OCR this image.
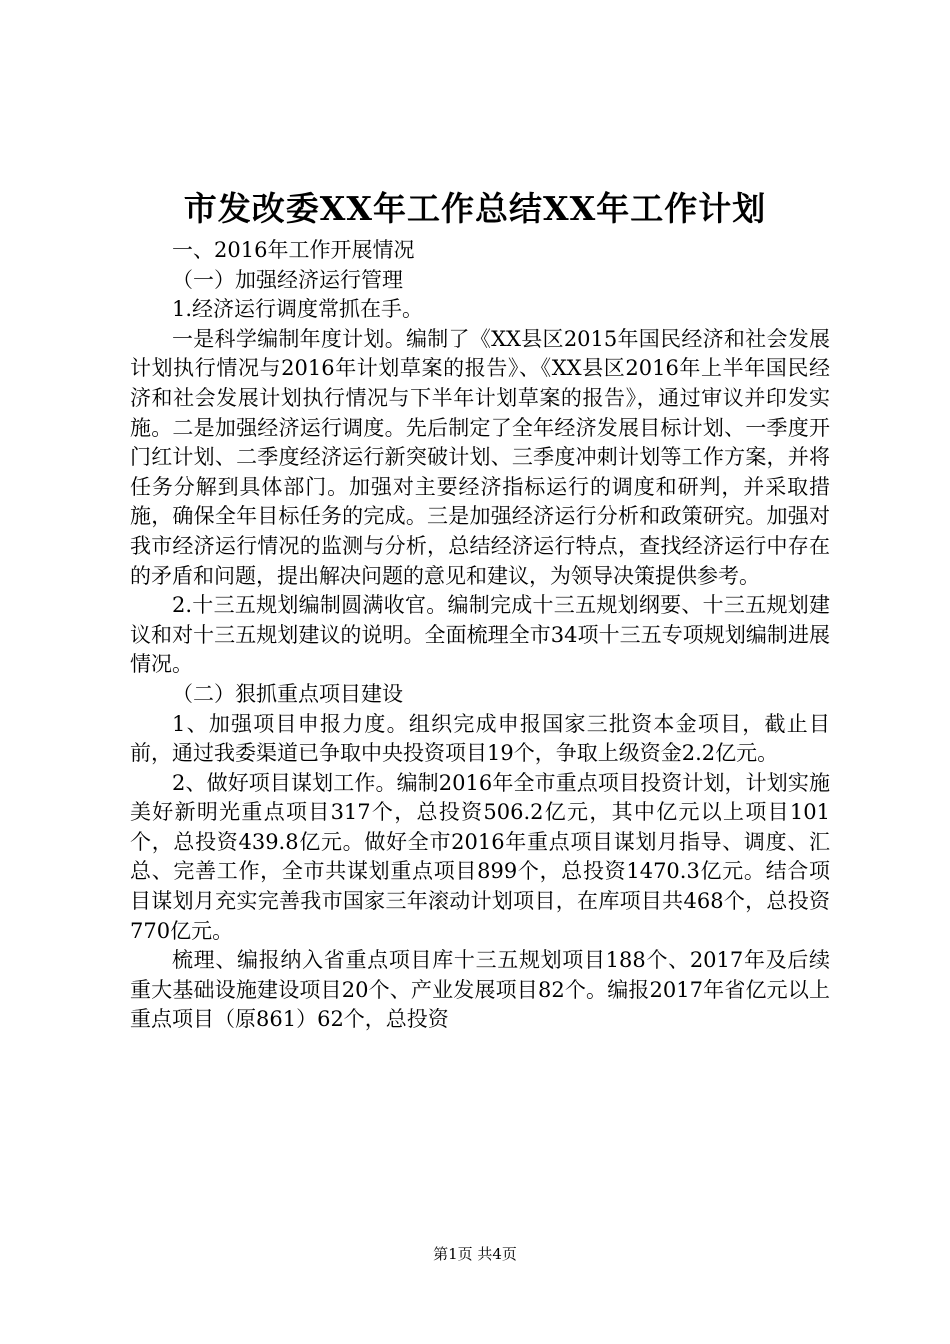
市发改委XX年工作总结XX年工作计划

一、2016年工作开展情况

（一）加强经济运行管理

1.经济运行调度常抓在手。

一是科学编制年度计划。编制了《XX县区2015年国民经济和社会发展计划执行情况与2016年计划草案的报告》、《XX县区2016年上半年国民经济和社会发展计划执行情况与下半年计划草案的报告》，通过审议并印发实施。二是加强经济运行调度。先后制定了全年经济发展目标计划、一季度开门红计划、二季度经济运行新突破计划、三季度冲刺计划等工作方案，并将任务分解到具体部门。加强对主要经济指标运行的调度和研判，并采取措施，确保全年目标任务的完成。三是加强经济运行分析和政策研究。加强对我市经济运行情况的监测与分析，总结经济运行特点，查找经济运行中存在的矛盾和问题，提出解决问题的意见和建议，为领导决策提供参考。

2.十三五规划编制圆满收官。编制完成十三五规划纲要、十三五规划建议和对十三五规划建议的说明。全面梳理全市34项十三五专项规划编制进展情况。

（二）狠抓重点项目建设

1、加强项目申报力度。组织完成申报国家三批资本金项目，截止目前，通过我委渠道已争取中央投资项目19个，争取上级资金2.2亿元。

2、做好项目谋划工作。编制2016年全市重点项目投资计划，计划实施美好新明光重点项目317个，总投资506.2亿元，其中亿元以上项目101个，总投资439.8亿元。做好全市2016年重点项目谋划月指导、调度、汇总、完善工作，全市共谋划重点项目899个，总投资1470.3亿元。结合项目谋划月充实完善我市国家三年滚动计划项目，在库项目共468个，总投资770亿元。

梳理、编报纳入省重点项目库十三五规划项目188个、2017年及后续重大基础设施建设项目20个、产业发展项目82个。编报2017年省亿元以上重点项目（原861）62个，总投资

第1页 共4页
